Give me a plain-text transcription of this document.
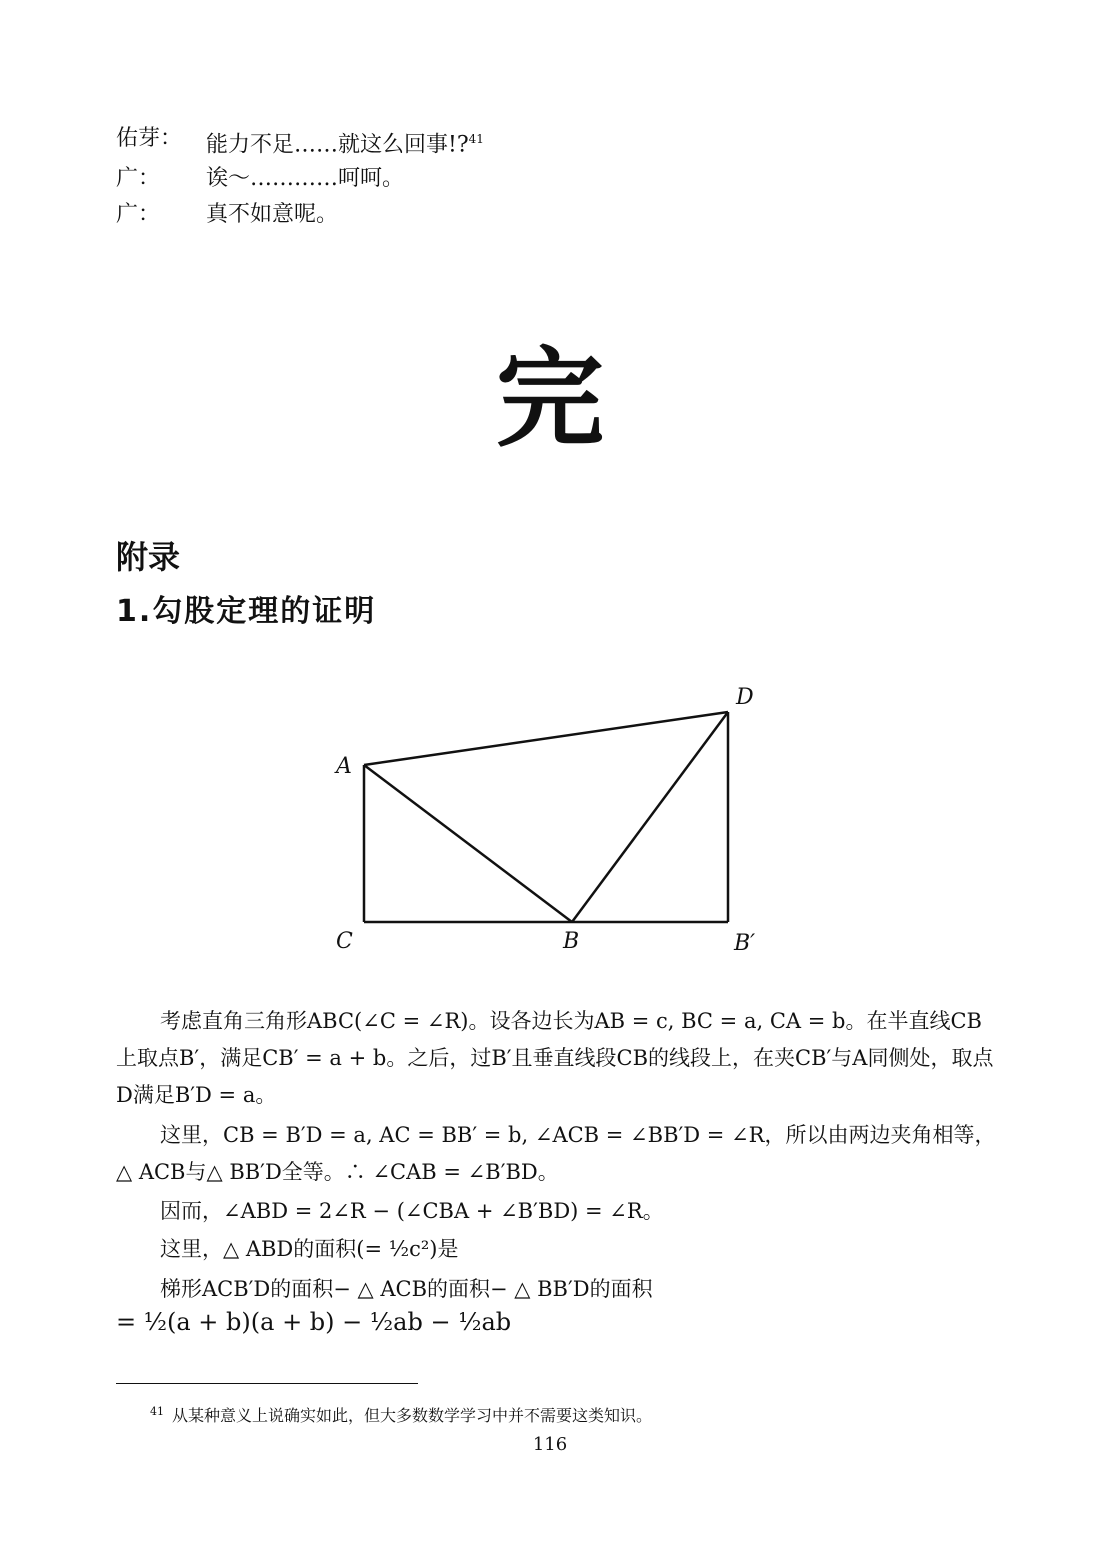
佑芽： 能力不足……就这么回事!?$^{41}$
广： 诶～…………呵呵。
广： 真不如意呢。
完
附录
1.勾股定理的证明
A
C	B	B′
D
考虑直角三角形ABC(∠C = ∠R)。设各边长为AB = c, BC = a, CA = b。在半直线CB上取点B′，满足CB′ = a + b。之后，过B′且垂直线段CB的线段上，在夹CB′与A同侧处，取点D满足B′D = a。
这里，CB = B′D = a, AC = BB′ = b, ∠ACB = ∠BB′D = ∠R，所以由两边夹角相等，△ ACB与△ BB′D全等。∴ ∠CAB = ∠B′BD。
因而，∠ABD = 2∠R − (∠CBA + ∠B′BD) = ∠R。
这里，△ ABD的面积(= ½c²)是
梯形ACB′D的面积− △ ACB的面积− △ BB′D的面积
= ½(a + b)(a + b) − ½ab − ½ab
$^{41}$ 从某种意义上说确实如此，但大多数数学学习中并不需要这类知识。
116
